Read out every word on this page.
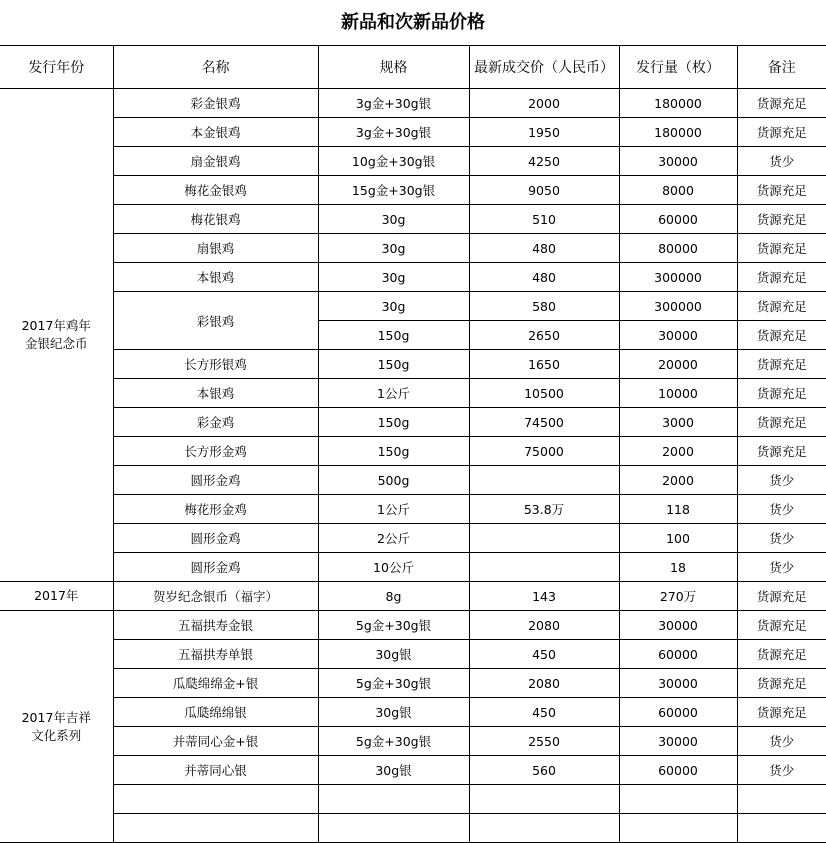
新品和次新品价格
发行年份	名称	规格	最新成交价（人民币）	发行量（枚）	备注
2017年鸡年
金银纪念币	彩金银鸡	3g金+30g银	2000	180000	货源充足
	本金银鸡	3g金+30g银	1950	180000	货源充足
	扇金银鸡	10g金+30g银	4250	30000	货少
	梅花金银鸡	15g金+30g银	9050	8000	货源充足
	梅花银鸡	30g	510	60000	货源充足
	扇银鸡	30g	480	80000	货源充足
	本银鸡	30g	480	300000	货源充足
	彩银鸡	30g	580	300000	货源充足
		150g	2650	30000	货源充足
	长方形银鸡	150g	1650	20000	货源充足
	本银鸡	1公斤	10500	10000	货源充足
	彩金鸡	150g	74500	3000	货源充足
	长方形金鸡	150g	75000	2000	货源充足
	圆形金鸡	500g		2000	货少
	梅花形金鸡	1公斤	53.8万	118	货少
	圆形金鸡	2公斤		100	货少
	圆形金鸡	10公斤		18	货少
2017年	贺岁纪念银币（福字）	8g	143	270万	货源充足
2017年吉祥
文化系列	五福拱寿金银	5g金+30g银	2080	30000	货源充足
	五福拱寿单银	30g银	450	60000	货源充足
	瓜瓞绵绵金+银	5g金+30g银	2080	30000	货源充足
	瓜瓞绵绵银	30g银	450	60000	货源充足
	并蒂同心金+银	5g金+30g银	2550	30000	货少
	并蒂同心银	30g银	560	60000	货少
